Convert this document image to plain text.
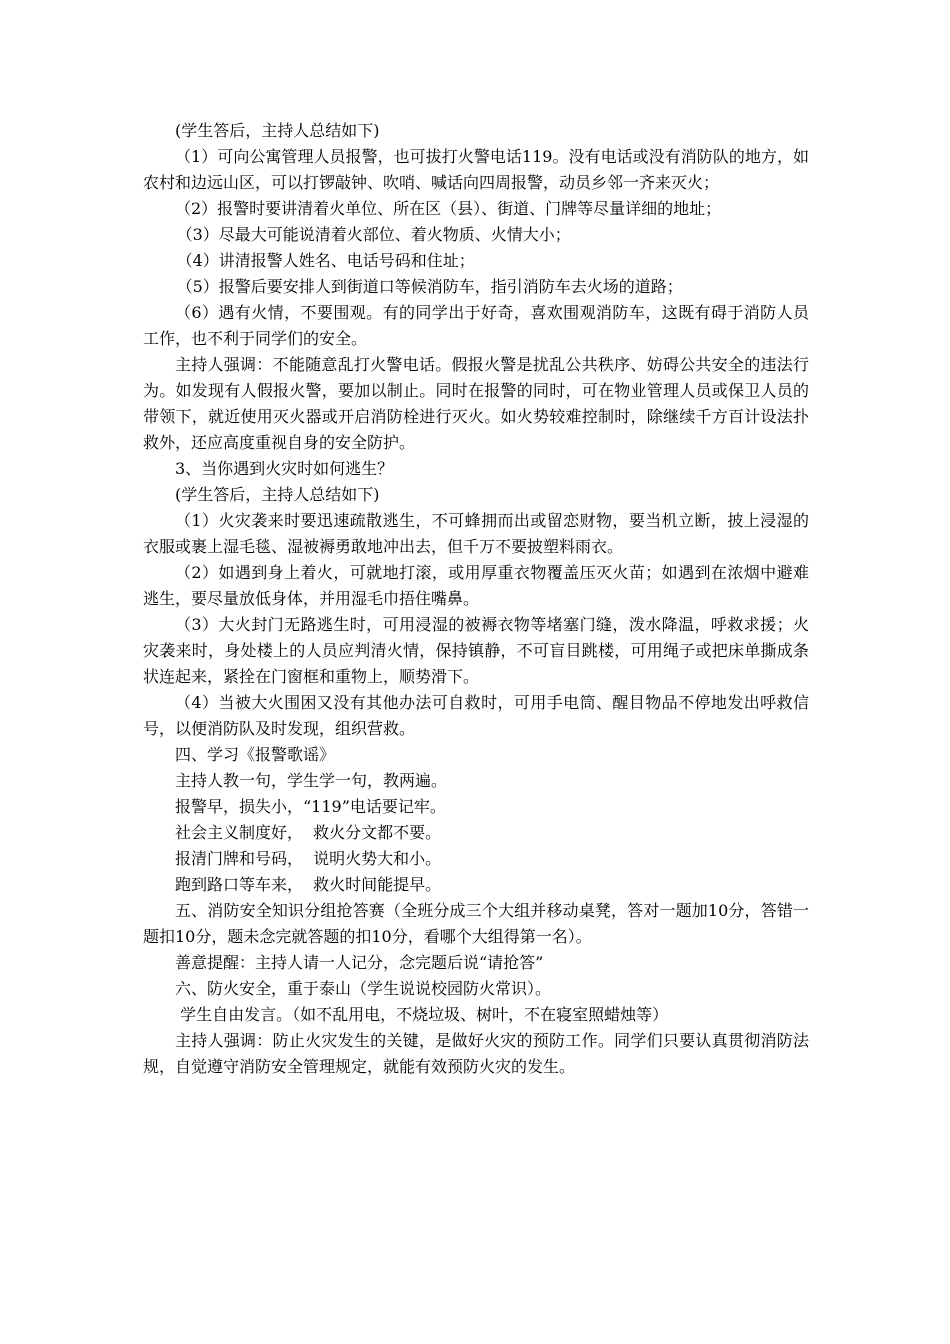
(学生答后，主持人总结如下)

（1）可向公寓管理人员报警，也可拔打火警电话119。没有电话或没有消防队的地方，如农村和边远山区，可以打锣敲钟、吹哨、喊话向四周报警，动员乡邻一齐来灭火；

（2）报警时要讲清着火单位、所在区（县）、街道、门牌等尽量详细的地址；

（3）尽最大可能说清着火部位、着火物质、火情大小；

（4）讲清报警人姓名、电话号码和住址；

（5）报警后要安排人到街道口等候消防车，指引消防车去火场的道路；

（6）遇有火情，不要围观。有的同学出于好奇，喜欢围观消防车，这既有碍于消防人员工作，也不利于同学们的安全。

主持人强调：不能随意乱打火警电话。假报火警是扰乱公共秩序、妨碍公共安全的违法行为。如发现有人假报火警，要加以制止。同时在报警的同时，可在物业管理人员或保卫人员的带领下，就近使用灭火器或开启消防栓进行灭火。如火势较难控制时，除继续千方百计设法扑救外，还应高度重视自身的安全防护。

3、当你遇到火灾时如何逃生？

(学生答后，主持人总结如下)

（1）火灾袭来时要迅速疏散逃生，不可蜂拥而出或留恋财物，要当机立断，披上浸湿的衣服或裹上湿毛毯、湿被褥勇敢地冲出去，但千万不要披塑料雨衣。

（2）如遇到身上着火，可就地打滚，或用厚重衣物覆盖压灭火苗；如遇到在浓烟中避难逃生，要尽量放低身体，并用湿毛巾捂住嘴鼻。

（3）大火封门无路逃生时，可用浸湿的被褥衣物等堵塞门缝，泼水降温，呼救求援；火灾袭来时，身处楼上的人员应判清火情，保持镇静，不可盲目跳楼，可用绳子或把床单撕成条状连起来，紧拴在门窗框和重物上，顺势滑下。

（4）当被大火围困又没有其他办法可自救时，可用手电筒、醒目物品不停地发出呼救信号，以便消防队及时发现，组织营救。

四、学习《报警歌谣》

主持人教一句，学生学一句，教两遍。

报警早，损失小，“119”电话要记牢。

社会主义制度好，  救火分文都不要。

报清门牌和号码，  说明火势大和小。

跑到路口等车来，  救火时间能提早。

五、消防安全知识分组抢答赛（全班分成三个大组并移动桌凳，答对一题加10分，答错一题扣10分，题未念完就答题的扣10分，看哪个大组得第一名）。

善意提醒：主持人请一人记分，念完题后说“请抢答”

六、防火安全，重于泰山（学生说说校园防火常识）。

学生自由发言。（如不乱用电，不烧垃圾、树叶，不在寝室照蜡烛等）

主持人强调：防止火灾发生的关键，是做好火灾的预防工作。同学们只要认真贯彻消防法规，自觉遵守消防安全管理规定，就能有效预防火灾的发生。
